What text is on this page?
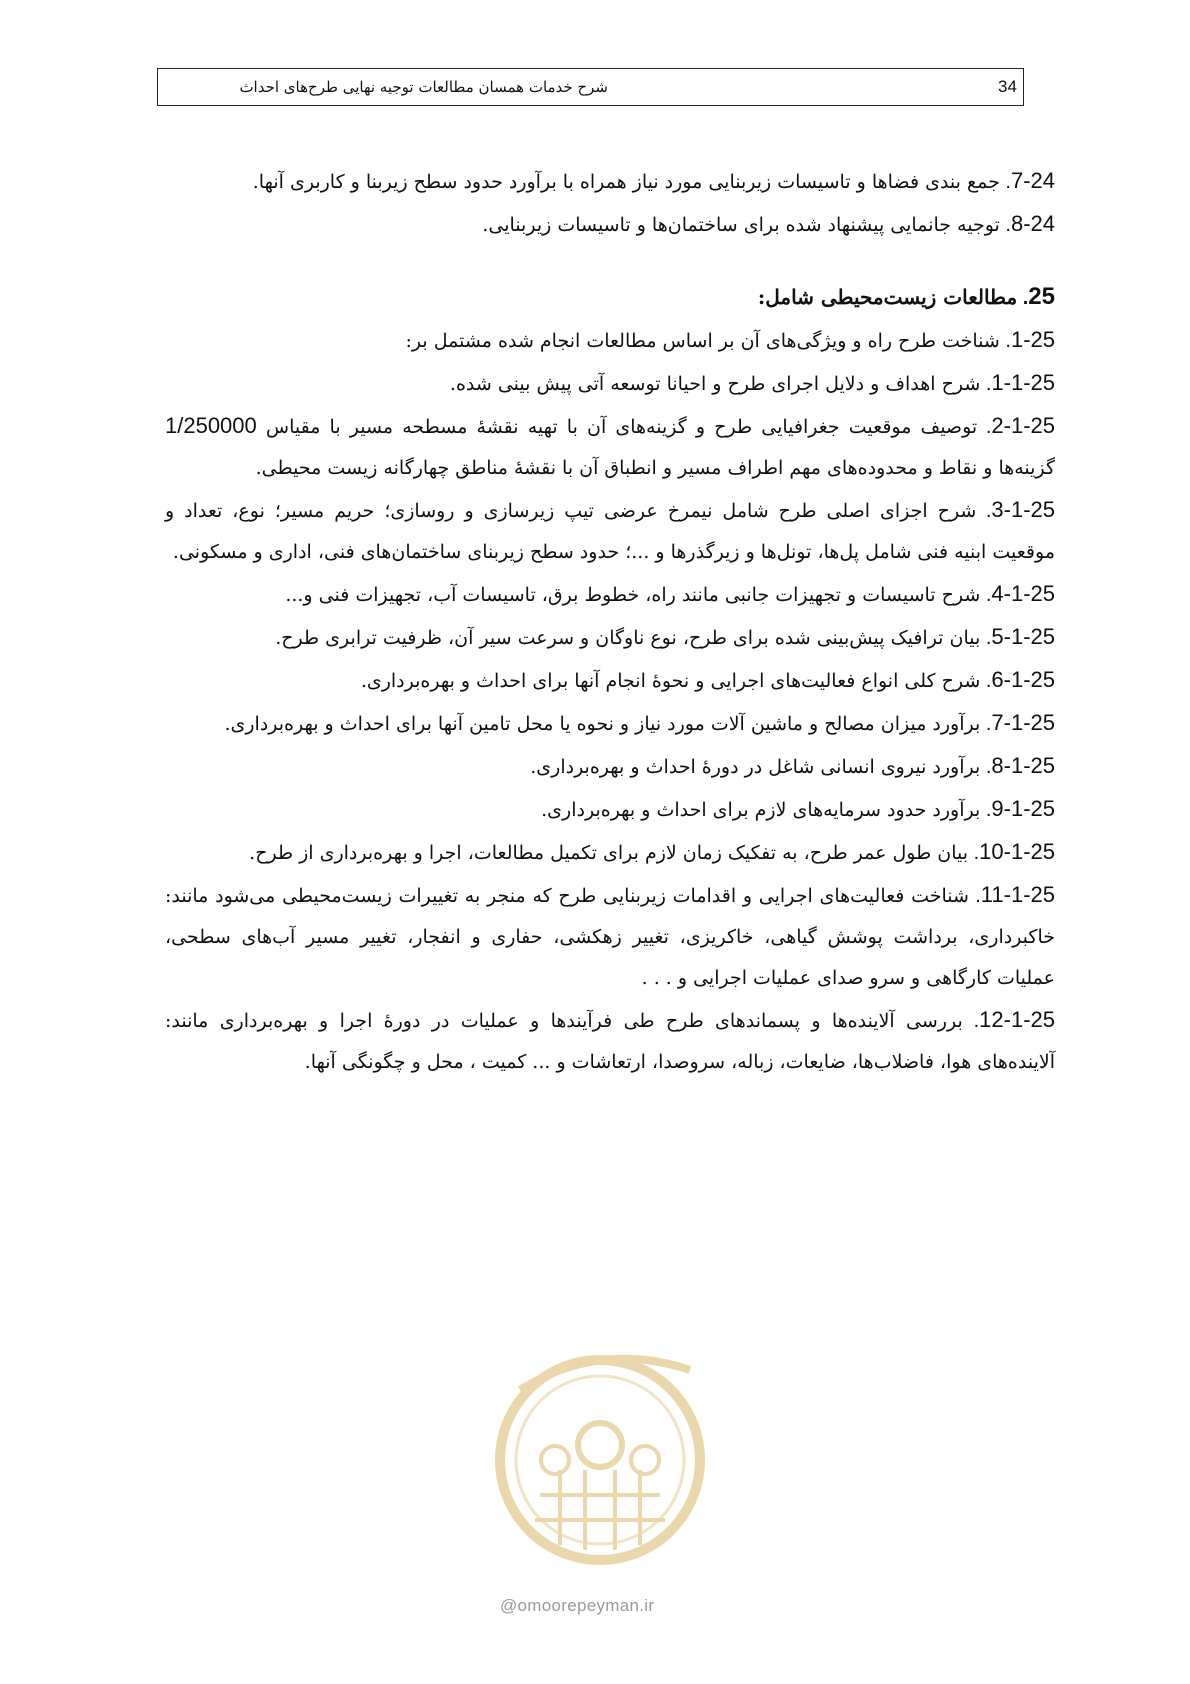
34
شرح خدمات همسان مطالعات توجیه نهایی طرح‌های احداث
7-24. جمع بندی فضاها و تاسیسات زیربنایی مورد نیاز همراه با برآورد حدود سطح زیربنا و کاربری آنها.
8-24. توجیه جانمایی پیشنهاد شده برای ساختمان‌ها و تاسیسات زیربنایی.
25. مطالعات زیست‌محیطی شامل:
1-25. شناخت طرح راه و ویژگی‌های آن بر اساس مطالعات انجام شده مشتمل بر:
1-1-25. شرح اهداف و دلایل اجرای طرح و احیانا توسعه آتی پیش بینی شده.
2-1-25. توصیف موقعیت جغرافیایی طرح و گزینه‌های آن با تهیه نقشهٔ مسطحه مسیر با مقیاس 1/250000 گزینه‌ها و نقاط و محدوده‌های مهم اطراف مسیر و انطباق آن با نقشهٔ مناطق چهارگانه زیست محیطی.
3-1-25. شرح اجزای اصلی طرح شامل نیمرخ عرضی تیپ زیرسازی و روسازی؛ حریم مسیر؛ نوع، تعداد و موقعیت ابنیه فنی شامل پل‌ها، تونل‌ها و زیرگذرها و ...؛ حدود سطح زیربنای ساختمان‌های فنی، اداری و مسکونی.
4-1-25. شرح تاسیسات و تجهیزات جانبی مانند راه، خطوط برق، تاسیسات آب، تجهیزات فنی و...
5-1-25. بیان ترافیک پیش‌بینی شده برای طرح، نوع ناوگان و سرعت سیر آن، ظرفیت ترابری طرح.
6-1-25. شرح کلی انواع فعالیت‌های اجرایی و نحوهٔ انجام آنها برای احداث و بهره‌برداری.
7-1-25. برآورد میزان مصالح و ماشین آلات مورد نیاز و نحوه یا محل تامین آنها برای احداث و بهره‌برداری.
8-1-25. برآورد نیروی انسانی شاغل در دورهٔ احداث و بهره‌برداری.
9-1-25. برآورد حدود سرمایه‌های لازم برای احداث و بهره‌برداری.
10-1-25. بیان طول عمر طرح، به تفکیک زمان لازم برای تکمیل مطالعات، اجرا و بهره‌برداری از طرح.
11-1-25. شناخت فعالیت‌های اجرایی و اقدامات زیربنایی طرح که منجر به تغییرات زیست‌محیطی می‌شود مانند: خاکبرداری، برداشت پوشش گیاهی، خاکریزی، تغییر زهکشی، حفاری و انفجار، تغییر مسیر آب‌های سطحی، عملیات کارگاهی و سرو صدای عملیات اجرایی و . . .
12-1-25. بررسی آلاینده‌ها و پسماندهای طرح طی فرآیندها و عملیات در دورهٔ اجرا و بهره‌برداری مانند: آلاینده‌های هوا، فاضلاب‌ها، ضایعات، زباله، سروصدا، ارتعاشات و ... کمیت ، محل و چگونگی آنها.
@omoorepeyman.ir
